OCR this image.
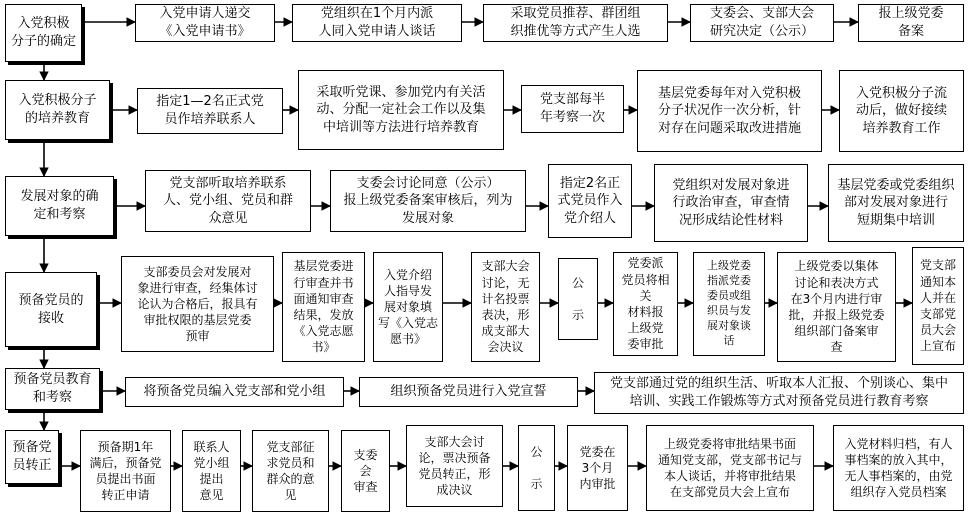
入党积极
分子的确定
入党申请人递交
《入党申请书》
党组织在1个月内派
人同入党申请人谈话
采取党员推荐、群团组
织推优等方式产生人选
支委会、支部大会
研究决定（公示）
报上级党委
备案
入党积极分子
的培养教育
指定1—2名正式党
员作培养联系人
采取听党课、参加党内有关活
动、分配一定社会工作以及集
中培训等方法进行培养教育
党支部每半
年考察一次
基层党委每年对入党积极
分子状况作一次分析，针
对存在问题采取改进措施
入党积极分子流
动后，做好接续
培养教育工作
发展对象的确
定和考察
党支部听取培养联系
人、党小组、党员和群
众意见
支委会讨论同意（公示）
报上级党委备案审核后，列为
发展对象
指定2名正
式党员作入
党介绍人
党组织对发展对象进
行政治审查，审查情
况形成结论性材料
基层党委或党委组织
部对发展对象进行
短期集中培训
预备党员的
接收
支部委员会对发展对
象进行审查，经集体讨
论认为合格后，报具有
审批权限的基层党委
预审
基层党委进
行审查并书
面通知审查
结果，发放
《入党志愿
书》
入党介绍
人指导发
展对象填
写《入党志
愿书》
支部大会
讨论，无
计名投票
表决，形
成支部大
会决议
公

示
党委派
党员将相关
材料报
上级党
委审批
上级党委
指派党委
委员或组
织员与发
展对象谈
话
上级党委以集体
讨论和表决方式
在3个月内进行审
批，并报上级党委
组织部门备案审
查
党支部
通知本
人并在
支部党
员大会
上宣布
预备党员教育
和考察	将预备党员编入党支部和党小组	组织预备党员进行入党宣誓
党支部通过党的组织生活、听取本人汇报、个别谈心、集中
培训、实践工作锻炼等方式对预备党员进行教育考察
预备党
员转正
预备期1年
满后，预备党
员提出书面
转正申请
联系人
党小组
提出
意见
党支部征
求党员和
群众的意
见
支委
会
审查
支部大会讨
论，票决预备
党员转正，形
成决议
公

示
党委在
3个月
内审批
上级党委将审批结果书面
通知党支部，党支部书记与
本人谈话，并将审批结果
在支部党员大会上宣布
入党材料归档，有人
事档案的放入其中，
无人事档案的，由党
组织存入党员档案
